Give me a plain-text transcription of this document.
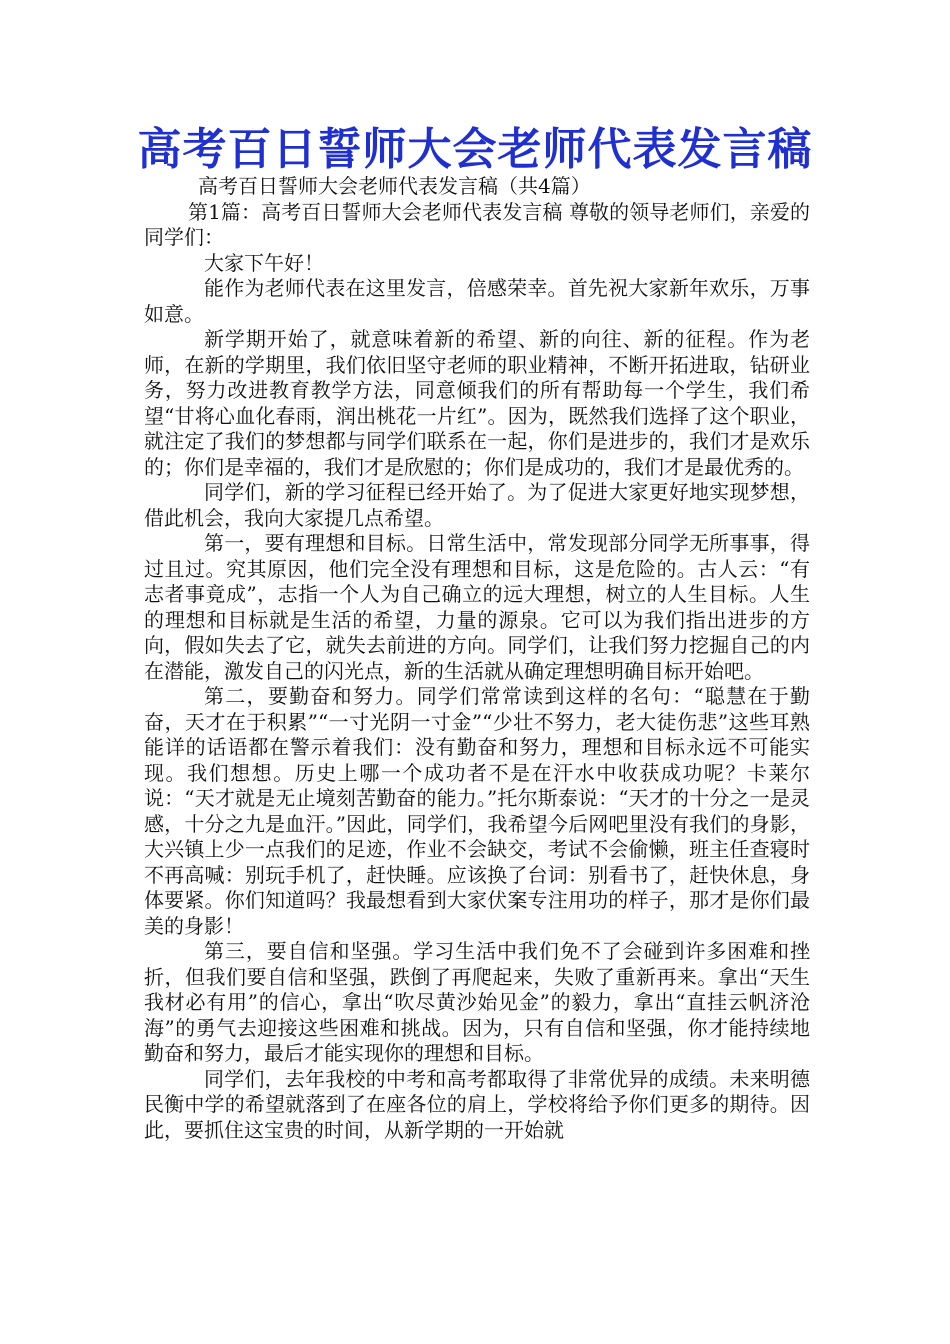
高考百日誓师大会老师代表发言稿

高考百日誓师大会老师代表发言稿（共4篇）

第1篇：高考百日誓师大会老师代表发言稿 尊敬的领导老师们，亲爱的同学们：

大家下午好！

能作为老师代表在这里发言，倍感荣幸。首先祝大家新年欢乐，万事如意。

新学期开始了，就意味着新的希望、新的向往、新的征程。作为老师，在新的学期里，我们依旧坚守老师的职业精神，不断开拓进取，钻研业务，努力改进教育教学方法，同意倾我们的所有帮助每一个学生，我们希望“甘将心血化春雨，润出桃花一片红”。因为，既然我们选择了这个职业，就注定了我们的梦想都与同学们联系在一起，你们是进步的，我们才是欢乐的；你们是幸福的，我们才是欣慰的；你们是成功的，我们才是最优秀的。

同学们，新的学习征程已经开始了。为了促进大家更好地实现梦想，借此机会，我向大家提几点希望。

第一，要有理想和目标。日常生活中，常发现部分同学无所事事，得过且过。究其原因，他们完全没有理想和目标，这是危险的。古人云：“有志者事竟成”，志指一个人为自己确立的远大理想，树立的人生目标。人生的理想和目标就是生活的希望，力量的源泉。它可以为我们指出进步的方向，假如失去了它，就失去前进的方向。同学们，让我们努力挖掘自己的内在潜能，激发自己的闪光点，新的生活就从确定理想明确目标开始吧。

第二，要勤奋和努力。同学们常常读到这样的名句：“聪慧在于勤奋，天才在于积累”“一寸光阴一寸金”“少壮不努力，老大徒伤悲”这些耳熟能详的话语都在警示着我们：没有勤奋和努力，理想和目标永远不可能实现。我们想想。历史上哪一个成功者不是在汗水中收获成功呢？卡莱尔说：“天才就是无止境刻苦勤奋的能力。”托尔斯泰说：“天才的十分之一是灵感，十分之九是血汗。”因此，同学们，我希望今后网吧里没有我们的身影，大兴镇上少一点我们的足迹，作业不会缺交，考试不会偷懒，班主任查寝时不再高喊：别玩手机了，赶快睡。应该换了台词：别看书了，赶快休息，身体要紧。你们知道吗？我最想看到大家伏案专注用功的样子，那才是你们最美的身影！

第三，要自信和坚强。学习生活中我们免不了会碰到许多困难和挫折，但我们要自信和坚强，跌倒了再爬起来，失败了重新再来。拿出“天生我材必有用”的信心，拿出“吹尽黄沙始见金”的毅力，拿出“直挂云帆济沧海”的勇气去迎接这些困难和挑战。因为，只有自信和坚强，你才能持续地勤奋和努力，最后才能实现你的理想和目标。

同学们，去年我校的中考和高考都取得了非常优异的成绩。未来明德民衡中学的希望就落到了在座各位的肩上，学校将给予你们更多的期待。因此，要抓住这宝贵的时间，从新学期的一开始就
